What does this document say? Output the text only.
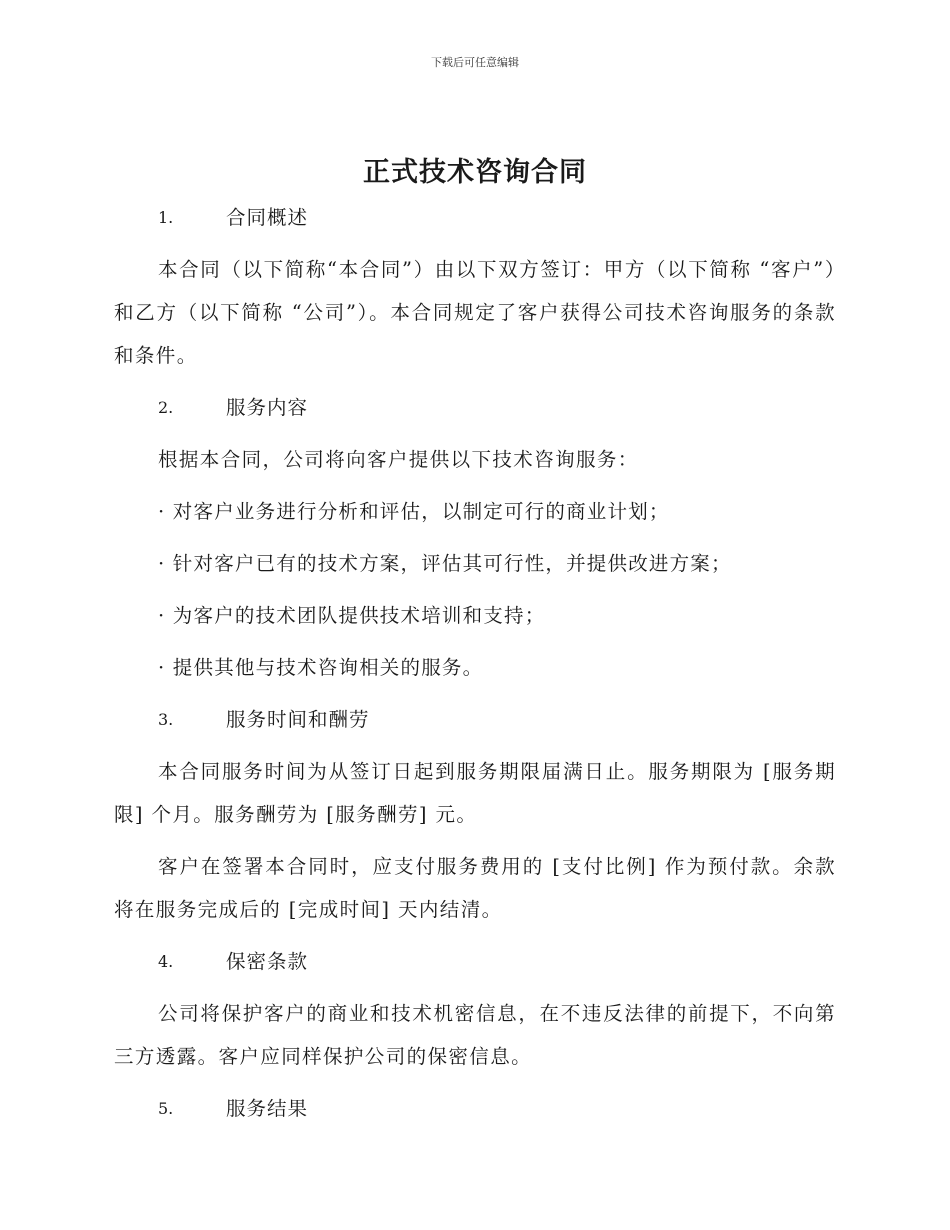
下载后可任意编辑
正式技术咨询合同
1.	合同概述

本合同（以下简称“本合同”）由以下双方签订：甲方（以下简称 “客户”）和乙方（以下简称 “公司”）。本合同规定了客户获得公司技术咨询服务的条款和条件。

2.	服务内容

根据本合同，公司将向客户提供以下技术咨询服务：

· 对客户业务进行分析和评估，以制定可行的商业计划；

· 针对客户已有的技术方案，评估其可行性，并提供改进方案；

· 为客户的技术团队提供技术培训和支持；

· 提供其他与技术咨询相关的服务。

3.	服务时间和酬劳

本合同服务时间为从签订日起到服务期限届满日止。服务期限为 [服务期限] 个月。服务酬劳为 [服务酬劳] 元。

客户在签署本合同时，应支付服务费用的 [支付比例] 作为预付款。余款将在服务完成后的 [完成时间] 天内结清。

4.	保密条款

公司将保护客户的商业和技术机密信息，在不违反法律的前提下，不向第三方透露。客户应同样保护公司的保密信息。

5.	服务结果
